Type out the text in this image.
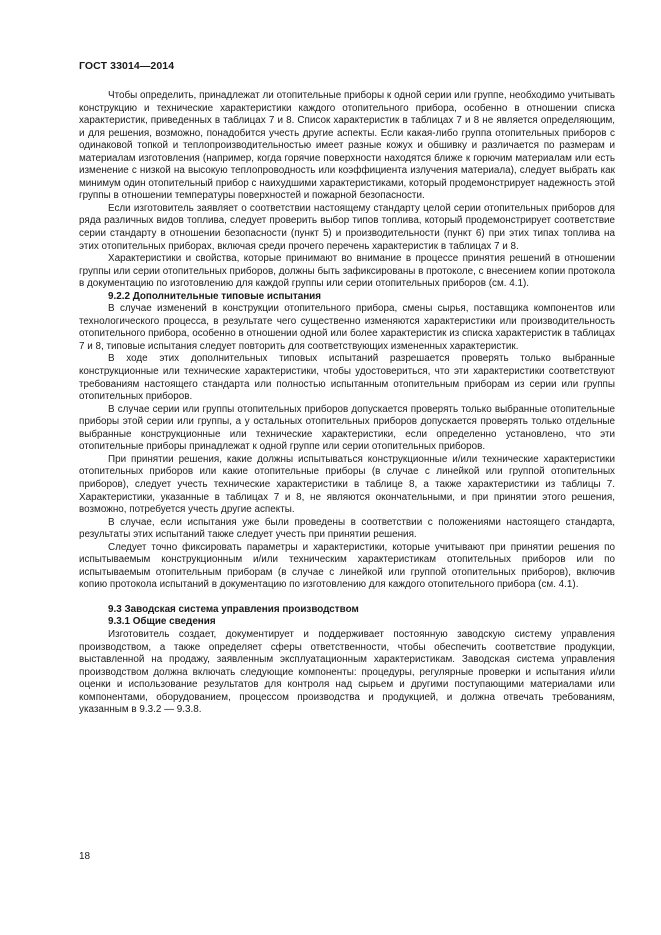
ГОСТ 33014—2014

Чтобы определить, принадлежат ли отопительные приборы к одной серии или группе, необходимо учитывать конструкцию и технические характеристики каждого отопительного прибора, особенно в отношении списка характеристик, приведенных в таблицах 7 и 8. Список характеристик в таблицах 7 и 8 не является определяющим, и для решения, возможно, понадобится учесть другие аспекты. Если какая-либо группа отопительных приборов с одинаковой топкой и теплопроизводительностью имеет разные кожух и обшивку и различается по размерам и материалам изготовления (например, когда горячие поверхности находятся ближе к горючим материалам или есть изменение с низкой на высокую теплопроводность или коэффициента излучения материала), следует выбрать как минимум один отопительный прибор с наихудшими характеристиками, который продемонстрирует надежность этой группы в отношении температуры поверхностей и пожарной безопасности.

Если изготовитель заявляет о соответствии настоящему стандарту целой серии отопительных приборов для ряда различных видов топлива, следует проверить выбор типов топлива, который продемонстрирует соответствие серии стандарту в отношении безопасности (пункт 5) и производительности (пункт 6) при этих типах топлива на этих отопительных приборах, включая среди прочего перечень характеристик в таблицах 7 и 8.

Характеристики и свойства, которые принимают во внимание в процессе принятия решений в отношении группы или серии отопительных приборов, должны быть зафиксированы в протоколе, с внесением копии протокола в документацию по изготовлению для каждой группы или серии отопительных приборов (см. 4.1).

9.2.2 Дополнительные типовые испытания

В случае изменений в конструкции отопительного прибора, смены сырья, поставщика компонентов или технологического процесса, в результате чего существенно изменяются характеристики или производительность отопительного прибора, особенно в отношении одной или более характеристик из списка характеристик в таблицах 7 и 8, типовые испытания следует повторить для соответствующих измененных характеристик.

В ходе этих дополнительных типовых испытаний разрешается проверять только выбранные конструкционные или технические характеристики, чтобы удостовериться, что эти характеристики соответствуют требованиям настоящего стандарта или полностью испытанным отопительным приборам из серии или группы отопительных приборов.

В случае серии или группы отопительных приборов допускается проверять только выбранные отопительные приборы этой серии или группы, а у остальных отопительных приборов допускается проверять только отдельные выбранные конструкционные или технические характеристики, если определенно установлено, что эти отопительные приборы принадлежат к одной группе или серии отопительных приборов.

При принятии решения, какие должны испытываться конструкционные и/или технические характеристики отопительных приборов или какие отопительные приборы (в случае с линейкой или группой отопительных приборов), следует учесть технические характеристики в таблице 8, а также характеристики из таблицы 7. Характеристики, указанные в таблицах 7 и 8, не являются окончательными, и при принятии этого решения, возможно, потребуется учесть другие аспекты.

В случае, если испытания уже были проведены в соответствии с положениями настоящего стандарта, результаты этих испытаний также следует учесть при принятии решения.

Следует точно фиксировать параметры и характеристики, которые учитывают при принятии решения по испытываемым конструкционным и/или техническим характеристикам отопительных приборов или по испытываемым отопительным приборам (в случае с линейкой или группой отопительных приборов), включив копию протокола испытаний в документацию по изготовлению для каждого отопительного прибора (см. 4.1).

9.3 Заводская система управления производством

9.3.1 Общие сведения

Изготовитель создает, документирует и поддерживает постоянную заводскую систему управления производством, а также определяет сферы ответственности, чтобы обеспечить соответствие продукции, выставленной на продажу, заявленным эксплуатационным характеристикам. Заводская система управления производством должна включать следующие компоненты: процедуры, регулярные проверки и испытания и/или оценки и использование результатов для контроля над сырьем и другими поступающими материалами или компонентами, оборудованием, процессом производства и продукцией, и должна отвечать требованиям, указанным в 9.3.2 — 9.3.8.

18
